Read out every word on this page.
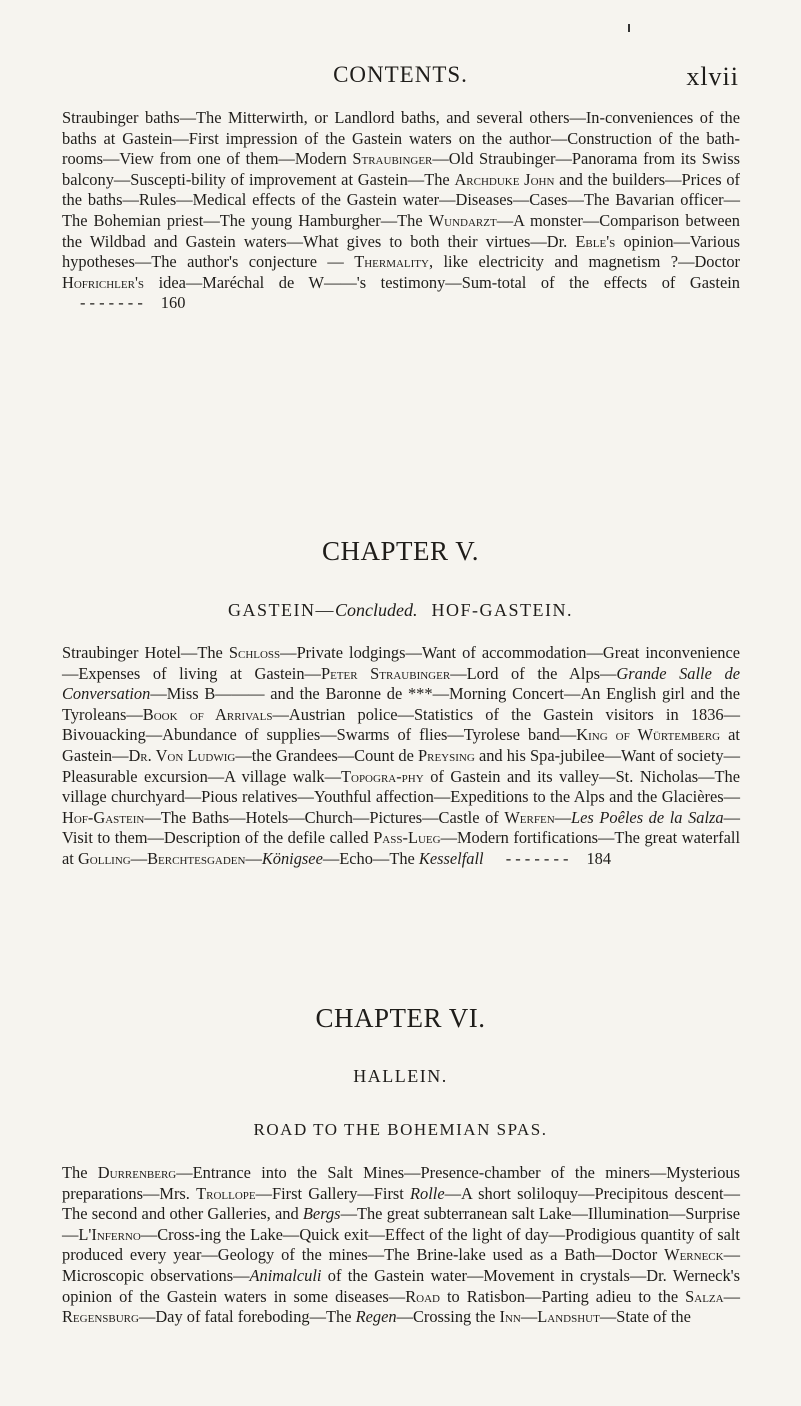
CONTENTS.	xlvii

Straubinger baths—The Mitterwirth, or Landlord baths, and several others—In-conveniences of the baths at Gastein—First impression of the Gastein waters on the author—Construction of the bath-rooms—View from one of them—Modern Straubinger—Old Straubinger—Panorama from its Swiss balcony—Suscepti-bility of improvement at Gastein—The Archduke John and the builders—Prices of the baths—Rules—Medical effects of the Gastein water—Diseases—Cases—The Bavarian officer—The Bohemian priest—The young Hamburgher—The Wundarzt—A monster—Comparison between the Wildbad and Gastein waters—What gives to both their virtues—Dr. Eble's opinion—Various hypotheses—The author's conjecture — Thermality, like electricity and magnetism ?—Doctor Hofrichler's idea—Maréchal de W——'s testimony—Sum-total of the effects of Gastein - - - - - - - 160

CHAPTER V.
GASTEIN—Concluded. HOF-GASTEIN.

Straubinger Hotel—The Schloss—Private lodgings—Want of accommodation—Great inconvenience—Expenses of living at Gastein—Peter Straubinger—Lord of the Alps—Grande Salle de Conversation—Miss B——— and the Baronne de ***—Morning Concert—An English girl and the Tyroleans—Book of Arrivals—Austrian police—Statistics of the Gastein visitors in 1836—Bivouacking—Abundance of supplies—Swarms of flies—Tyrolese band—King of Würtemberg at Gastein—Dr. Von Ludwig—the Grandees—Count de Preysing and his Spa-jubilee—Want of society—Pleasurable excursion—A village walk—Topogra-phy of Gastein and its valley—St. Nicholas—The village churchyard—Pious relatives—Youthful affection—Expeditions to the Alps and the Glacières—Hof-Gastein—The Baths—Hotels—Church—Pictures—Castle of Werfen—Les Poêles de la Salza—Visit to them—Description of the defile called Pass-Lueg—Modern fortifications—The great waterfall at Golling—Berchtesgaden—Königsee—Echo—The Kesselfall - - - - - - - 184

CHAPTER VI.
HALLEIN.
ROAD TO THE BOHEMIAN SPAS.

The Durrenberg—Entrance into the Salt Mines—Presence-chamber of the miners—Mysterious preparations—Mrs. Trollope—First Gallery—First Rolle—A short soliloquy—Precipitous descent—The second and other Galleries, and Bergs—The great subterranean salt Lake—Illumination—Surprise—L'Inferno—Cross-ing the Lake—Quick exit—Effect of the light of day—Prodigious quantity of salt produced every year—Geology of the mines—The Brine-lake used as a Bath—Doctor Werneck—Microscopic observations—Animalculi of the Gastein water—Movement in crystals—Dr. Werneck's opinion of the Gastein waters in some diseases—Road to Ratisbon—Parting adieu to the Salza—Regensburg—Day of fatal foreboding—The Regen—Crossing the Inn—Landshut—State of the
